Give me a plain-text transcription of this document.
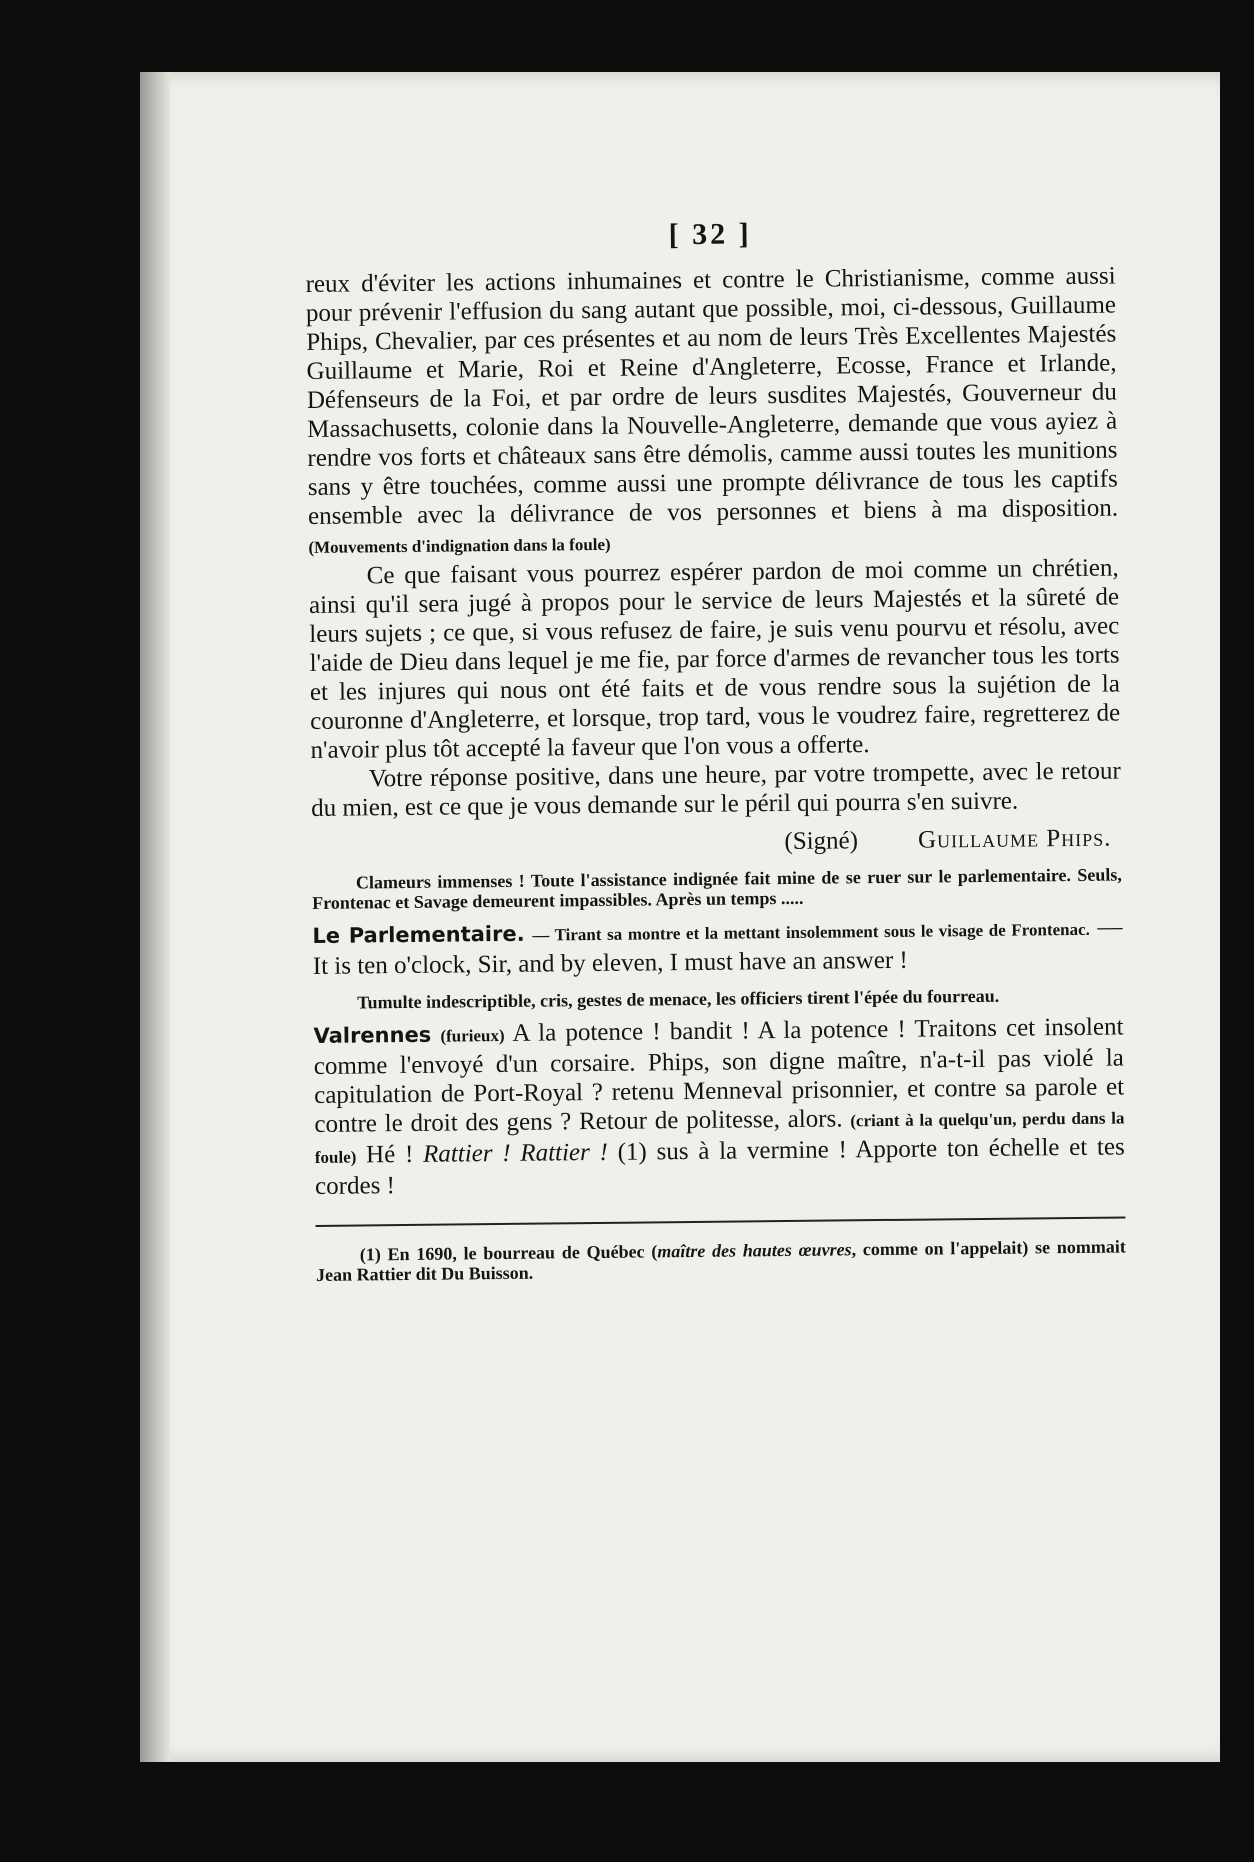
[ 32 ]

reux d'éviter les actions inhumaines et contre le Christianisme, comme aussi pour prévenir l'effusion du sang autant que possible, moi, ci-dessous, Guillaume Phips, Chevalier, par ces présentes et au nom de leurs Très Excellentes Majestés Guillaume et Marie, Roi et Reine d'Angleterre, Ecosse, France et Irlande, Défenseurs de la Foi, et par ordre de leurs susdites Majestés, Gouverneur du Massachusetts, colonie dans la Nouvelle-Angleterre, demande que vous ayiez à rendre vos forts et châteaux sans être démolis, camme aussi toutes les munitions sans y être touchées, comme aussi une prompte délivrance de tous les captifs ensemble avec la délivrance de vos personnes et biens à ma disposition. (Mouvements d'indignation dans la foule)

Ce que faisant vous pourrez espérer pardon de moi comme un chrétien, ainsi qu'il sera jugé à propos pour le service de leurs Majestés et la sûreté de leurs sujets ; ce que, si vous refusez de faire, je suis venu pourvu et résolu, avec l'aide de Dieu dans lequel je me fie, par force d'armes de revancher tous les torts et les injures qui nous ont été faits et de vous rendre sous la sujétion de la couronne d'Angleterre, et lorsque, trop tard, vous le voudrez faire, regretterez de n'avoir plus tôt accepté la faveur que l'on vous a offerte.

Votre réponse positive, dans une heure, par votre trompette, avec le retour du mien, est ce que je vous demande sur le péril qui pourra s'en suivre.

(Signé) Guillaume Phips.

Clameurs immenses ! Toute l'assistance indignée fait mine de se ruer sur le parlementaire. Seuls, Frontenac et Savage demeurent impassibles. Après un temps .....

Le Parlementaire. — Tirant sa montre et la mettant insolemment sous le visage de Frontenac. — It is ten o'clock, Sir, and by eleven, I must have an answer !

Tumulte indescriptible, cris, gestes de menace, les officiers tirent l'épée du fourreau.

Valrennes (furieux) A la potence ! bandit ! A la potence ! Traitons cet insolent comme l'envoyé d'un corsaire. Phips, son digne maître, n'a-t-il pas violé la capitulation de Port-Royal ? retenu Menneval prisonnier, et contre sa parole et contre le droit des gens ? Retour de politesse, alors. (criant à la quelqu'un, perdu dans la foule) Hé ! Rattier ! Rattier ! (1) sus à la vermine ! Apporte ton échelle et tes cordes !

(1) En 1690, le bourreau de Québec (maître des hautes œuvres, comme on l'appelait) se nommait Jean Rattier dit Du Buisson.
